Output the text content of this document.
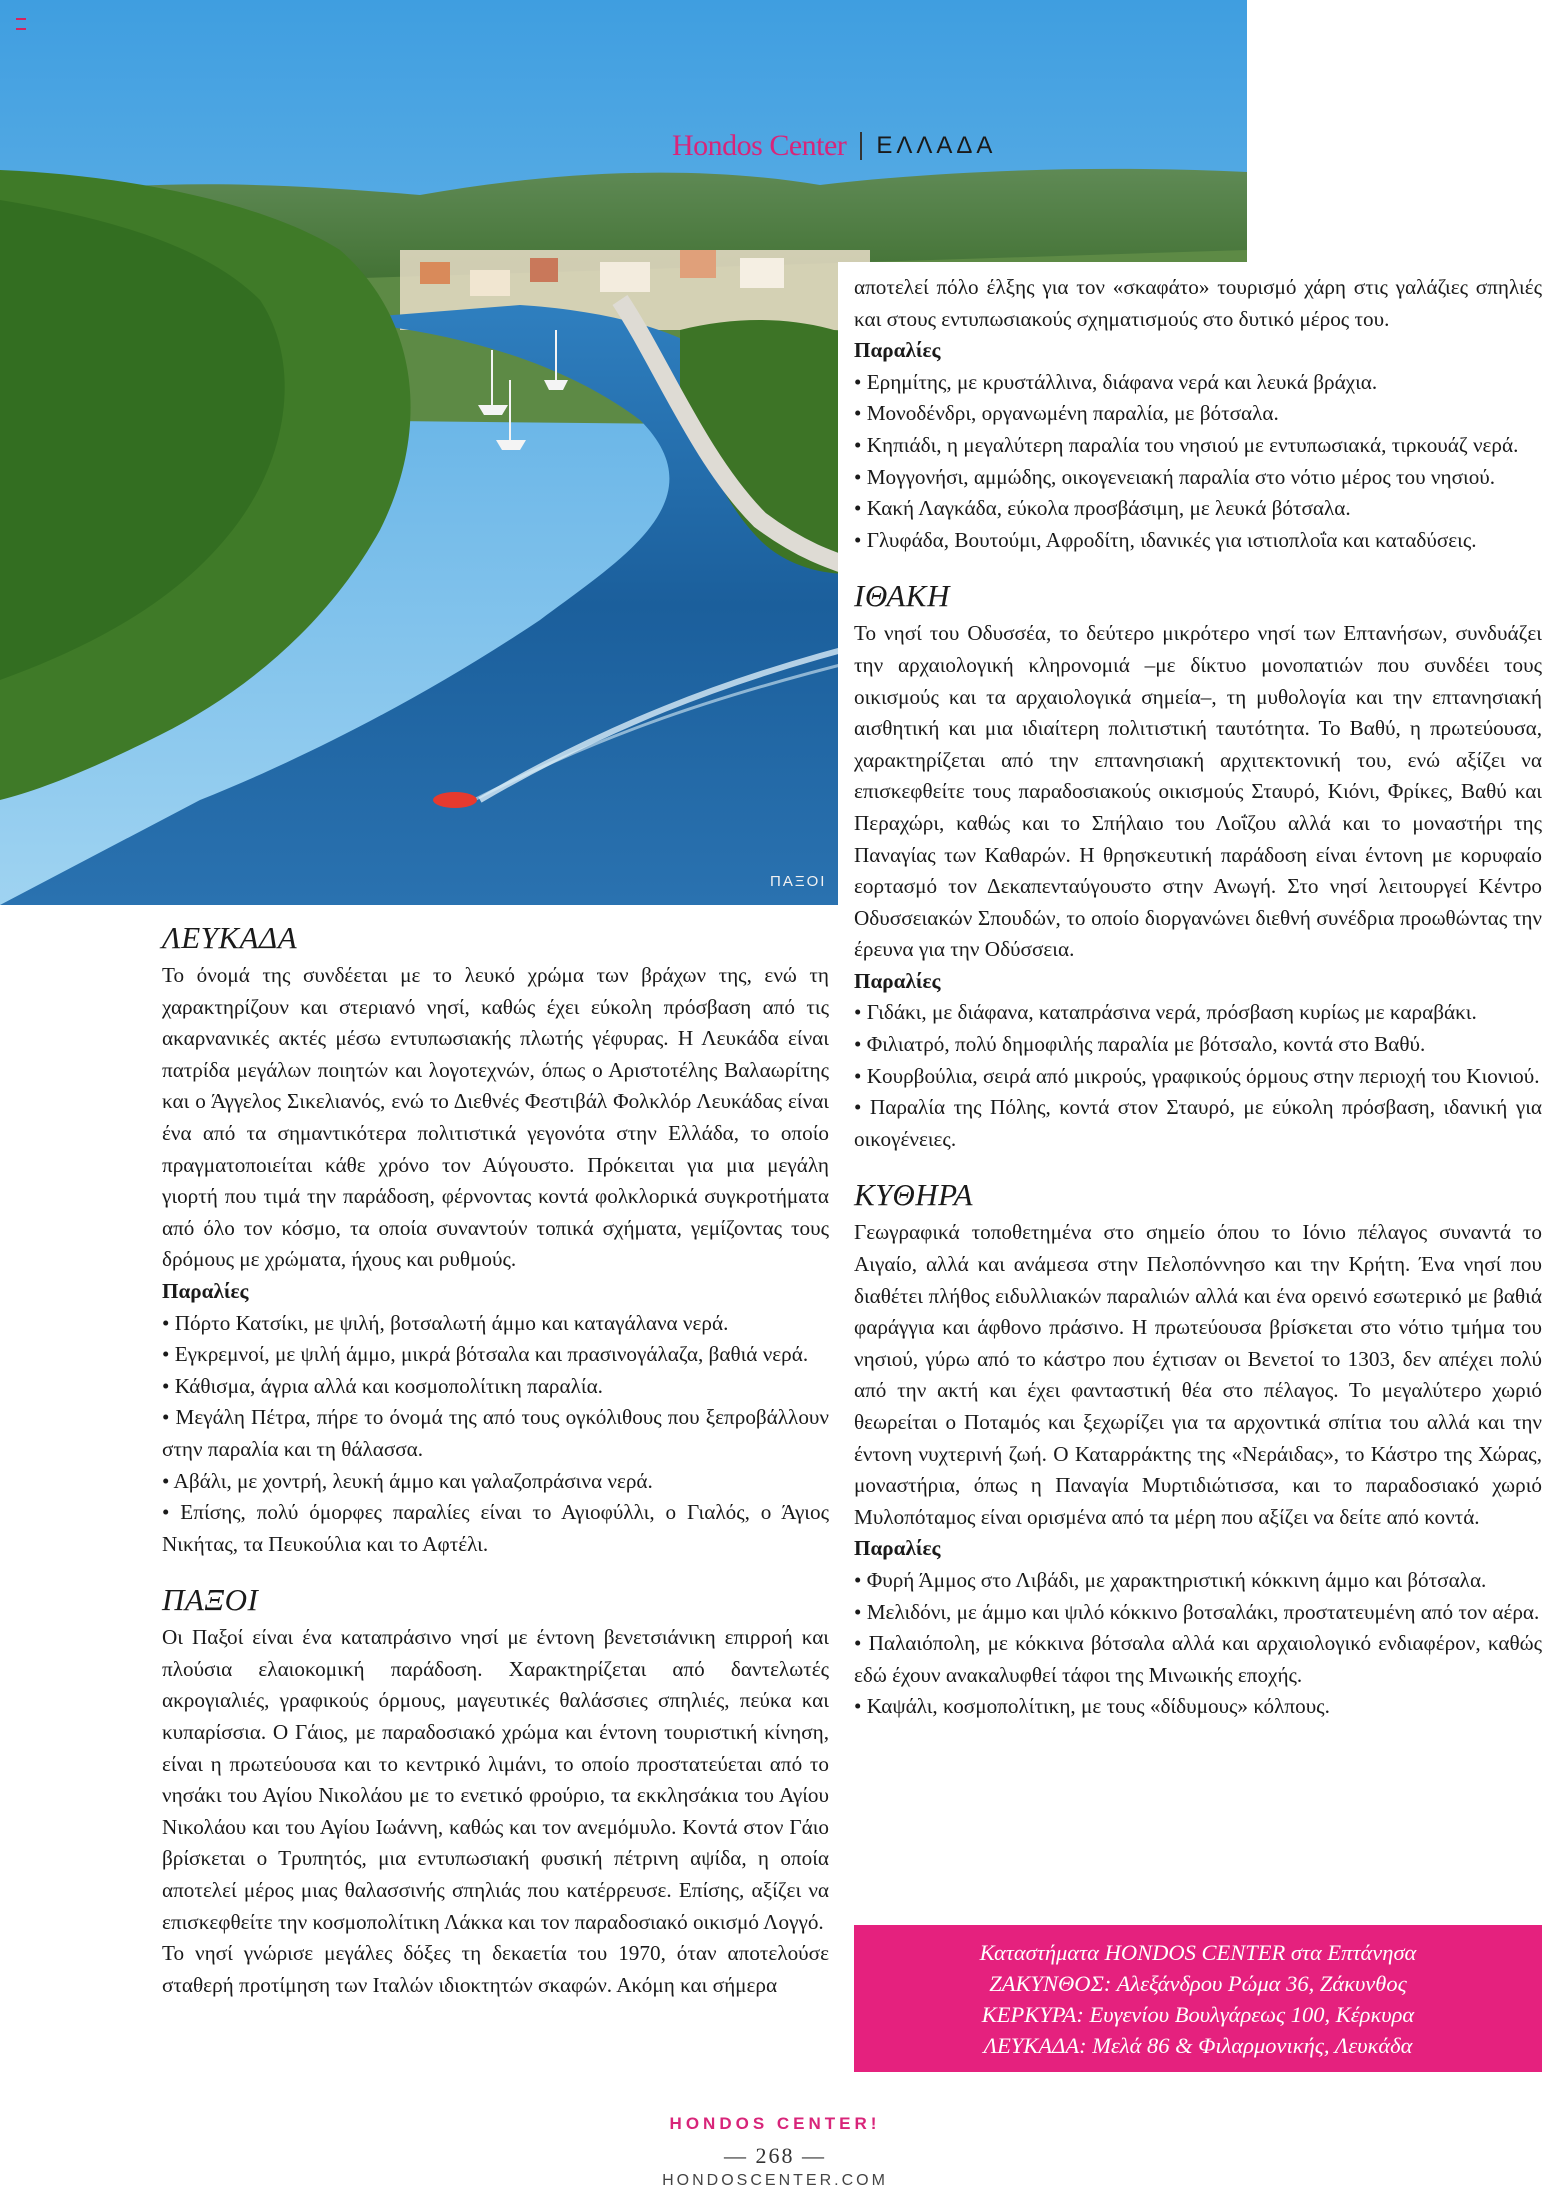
Hondos Center ΕΛΛΑΔΑ
ΠΑΞΟΙ

ΛΕΥΚΑΔΑ

Το όνομά της συνδέεται με το λευκό χρώμα των βράχων της, ενώ τη χαρακτηρίζουν και στεριανό νησί, καθώς έχει εύκολη πρόσβαση από τις ακαρνανικές ακτές μέσω εντυπωσιακής πλωτής γέφυρας. Η Λευκάδα είναι πατρίδα μεγάλων ποιητών και λογοτεχνών, όπως ο Αριστοτέλης Βαλαωρίτης και ο Άγγελος Σικελιανός, ενώ το Διεθνές Φεστιβάλ Φολκλόρ Λευκάδας είναι ένα από τα σημαντικότερα πολιτιστικά γεγονότα στην Ελλάδα, το οποίο πραγματοποιείται κάθε χρόνο τον Αύγουστο. Πρόκειται για μια μεγάλη γιορτή που τιμά την παράδοση, φέρνοντας κοντά φολκλορικά συγκροτήματα από όλο τον κόσμο, τα οποία συναντούν τοπικά σχήματα, γεμίζοντας τους δρόμους με χρώματα, ήχους και ρυθμούς.

Παραλίες

• Πόρτο Κατσίκι, με ψιλή, βοτσαλωτή άμμο και καταγάλανα νερά.

• Εγκρεμνοί, με ψιλή άμμο, μικρά βότσαλα και πρασινογάλαζα, βαθιά νερά.

• Κάθισμα, άγρια αλλά και κοσμοπολίτικη παραλία.

• Μεγάλη Πέτρα, πήρε το όνομά της από τους ογκόλιθους που ξεπροβάλλουν στην παραλία και τη θάλασσα.

• Αβάλι, με χοντρή, λευκή άμμο και γαλαζοπράσινα νερά.

• Επίσης, πολύ όμορφες παραλίες είναι το Αγιοφύλλι, ο Γιαλός, ο Άγιος Νικήτας, τα Πευκούλια και το Αφτέλι.

ΠΑΞΟΙ

Οι Παξοί είναι ένα καταπράσινο νησί με έντονη βενετσιάνικη επιρροή και πλούσια ελαιοκομική παράδοση. Χαρακτηρίζεται από δαντελωτές ακρογιαλιές, γραφικούς όρμους, μαγευτικές θαλάσσιες σπηλιές, πεύκα και κυπαρίσσια. Ο Γάιος, με παραδοσιακό χρώμα και έντονη τουριστική κίνηση, είναι η πρωτεύουσα και το κεντρικό λιμάνι, το οποίο προστατεύεται από το νησάκι του Αγίου Νικολάου με το ενετικό φρούριο, τα εκκλησάκια του Αγίου Νικολάου και του Αγίου Ιωάννη, καθώς και τον ανεμόμυλο. Κοντά στον Γάιο βρίσκεται ο Τρυπητός, μια εντυπωσιακή φυσική πέτρινη αψίδα, η οποία αποτελεί μέρος μιας θαλασσινής σπηλιάς που κατέρρευσε. Επίσης, αξίζει να επισκεφθείτε την κοσμοπολίτικη Λάκκα και τον παραδοσιακό οικισμό Λογγό.

Το νησί γνώρισε μεγάλες δόξες τη δεκαετία του 1970, όταν αποτελούσε σταθερή προτίμηση των Ιταλών ιδιοκτητών σκαφών. Ακόμη και σήμερα

αποτελεί πόλο έλξης για τον «σκαφάτο» τουρισμό χάρη στις γαλάζιες σπηλιές και στους εντυπωσιακούς σχηματισμούς στο δυτικό μέρος του.

Παραλίες

• Ερημίτης, με κρυστάλλινα, διάφανα νερά και λευκά βράχια.

• Μονοδένδρι, οργανωμένη παραλία, με βότσαλα.

• Κηπιάδι, η μεγαλύτερη παραλία του νησιού με εντυπωσιακά, τιρκουάζ νερά.

• Μογγονήσι, αμμώδης, οικογενειακή παραλία στο νότιο μέρος του νησιού.

• Κακή Λαγκάδα, εύκολα προσβάσιμη, με λευκά βότσαλα.

• Γλυφάδα, Βουτούμι, Αφροδίτη, ιδανικές για ιστιοπλοΐα και καταδύσεις.

ΙΘΑΚΗ

Το νησί του Οδυσσέα, το δεύτερο μικρότερο νησί των Επτανήσων, συνδυάζει την αρχαιολογική κληρονομιά –με δίκτυο μονοπατιών που συνδέει τους οικισμούς και τα αρχαιολογικά σημεία–, τη μυθολογία και την επτανησιακή αισθητική και μια ιδιαίτερη πολιτιστική ταυτότητα. Το Βαθύ, η πρωτεύουσα, χαρακτηρίζεται από την επτανησιακή αρχιτεκτονική του, ενώ αξίζει να επισκεφθείτε τους παραδοσιακούς οικισμούς Σταυρό, Κιόνι, Φρίκες, Βαθύ και Περαχώρι, καθώς και το Σπήλαιο του Λοΐζου αλλά και το μοναστήρι της Παναγίας των Καθαρών. Η θρησκευτική παράδοση είναι έντονη με κορυφαίο εορτασμό τον Δεκαπενταύγουστο στην Ανωγή. Στο νησί λειτουργεί Κέντρο Οδυσσειακών Σπουδών, το οποίο διοργανώνει διεθνή συνέδρια προωθώντας την έρευνα για την Οδύσσεια.

Παραλίες

• Γιδάκι, με διάφανα, καταπράσινα νερά, πρόσβαση κυρίως με καραβάκι.

• Φιλιατρό, πολύ δημοφιλής παραλία με βότσαλο, κοντά στο Βαθύ.

• Κουρβούλια, σειρά από μικρούς, γραφικούς όρμους στην περιοχή του Κιονιού.

• Παραλία της Πόλης, κοντά στον Σταυρό, με εύκολη πρόσβαση, ιδανική για οικογένειες.

ΚΥΘΗΡΑ

Γεωγραφικά τοποθετημένα στο σημείο όπου το Ιόνιο πέλαγος συναντά το Αιγαίο, αλλά και ανάμεσα στην Πελοπόννησο και την Κρήτη. Ένα νησί που διαθέτει πλήθος ειδυλλιακών παραλιών αλλά και ένα ορεινό εσωτερικό με βαθιά φαράγγια και άφθονο πράσινο. Η πρωτεύουσα βρίσκεται στο νότιο τμήμα του νησιού, γύρω από το κάστρο που έχτισαν οι Βενετοί το 1303, δεν απέχει πολύ από την ακτή και έχει φανταστική θέα στο πέλαγος. Το μεγαλύτερο χωριό θεωρείται ο Ποταμός και ξεχωρίζει για τα αρχοντικά σπίτια του αλλά και την έντονη νυχτερινή ζωή. Ο Καταρράκτης της «Νεράιδας», το Κάστρο της Χώρας, μοναστήρια, όπως η Παναγία Μυρτιδιώτισσα, και το παραδοσιακό χωριό Μυλοπόταμος είναι ορισμένα από τα μέρη που αξίζει να δείτε από κοντά.

Παραλίες

• Φυρή Άμμος στο Λιβάδι, με χαρακτηριστική κόκκινη άμμο και βότσαλα.

• Μελιδόνι, με άμμο και ψιλό κόκκινο βοτσαλάκι, προστατευμένη από τον αέρα.

• Παλαιόπολη, με κόκκινα βότσαλα αλλά και αρχαιολογικό ενδιαφέρον, καθώς εδώ έχουν ανακαλυφθεί τάφοι της Μινωικής εποχής.

• Καψάλι, κοσμοπολίτικη, με τους «δίδυμους» κόλπους.

Καταστήματα HONDOS CENTER στα Επτάνησα
ΖΑΚΥΝΘΟΣ: Αλεξάνδρου Ρώμα 36, Ζάκυνθος
ΚΕΡΚΥΡΑ: Ευγενίου Βουλγάρεως 100, Κέρκυρα
ΛΕΥΚΑΔΑ: Μελά 86 & Φιλαρμονικής, Λευκάδα
HONDOS CENTER!
— 268 —
HONDOSCENTER.COM
